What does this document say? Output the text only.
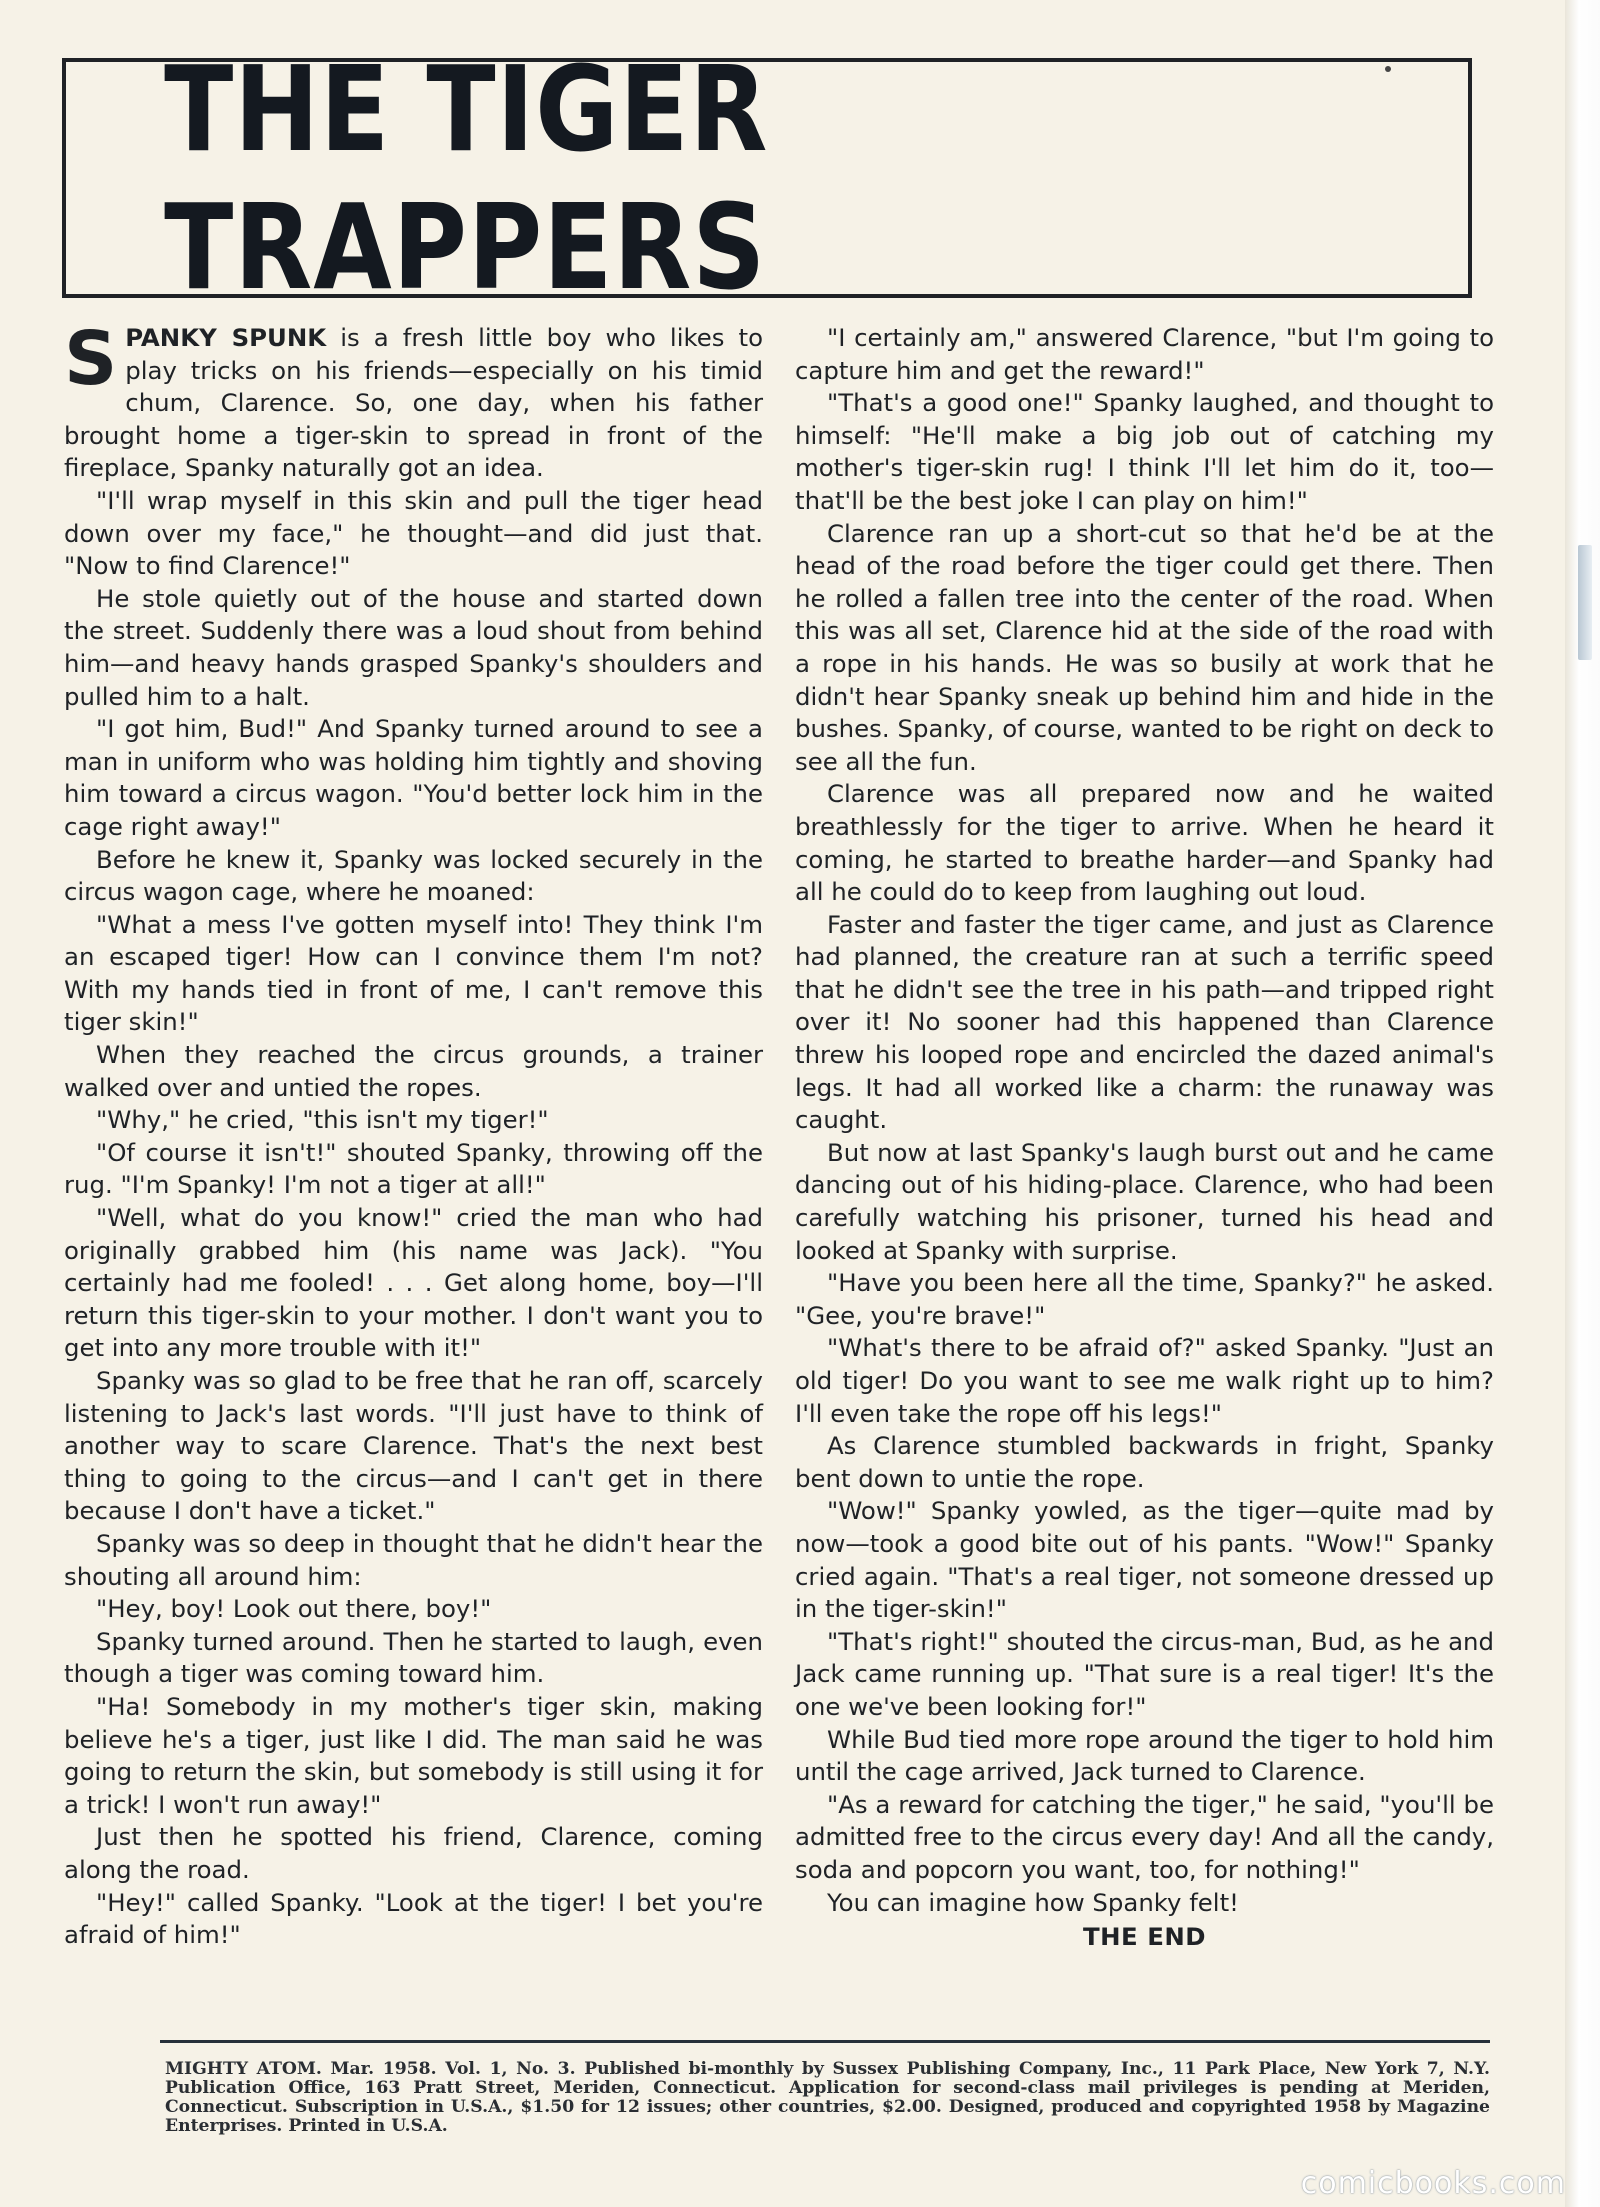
THE TIGER TRAPPERS

SPANKY SPUNK is a fresh little boy who likes to play tricks on his friends—especially on his timid chum, Clarence. So, one day, when his father brought home a tiger-skin to spread in front of the fireplace, Spanky naturally got an idea.

"I'll wrap myself in this skin and pull the tiger head down over my face," he thought—and did just that. "Now to find Clarence!"

He stole quietly out of the house and started down the street. Suddenly there was a loud shout from behind him—and heavy hands grasped Spanky's shoulders and pulled him to a halt.

"I got him, Bud!" And Spanky turned around to see a man in uniform who was holding him tightly and shoving him toward a circus wagon. "You'd better lock him in the cage right away!"

Before he knew it, Spanky was locked securely in the circus wagon cage, where he moaned:

"What a mess I've gotten myself into! They think I'm an escaped tiger! How can I convince them I'm not? With my hands tied in front of me, I can't remove this tiger skin!"

When they reached the circus grounds, a trainer walked over and untied the ropes.

"Why," he cried, "this isn't my tiger!"

"Of course it isn't!" shouted Spanky, throwing off the rug. "I'm Spanky! I'm not a tiger at all!"

"Well, what do you know!" cried the man who had originally grabbed him (his name was Jack). "You certainly had me fooled! . . . Get along home, boy—I'll return this tiger-skin to your mother. I don't want you to get into any more trouble with it!"

Spanky was so glad to be free that he ran off, scarcely listening to Jack's last words. "I'll just have to think of another way to scare Clarence. That's the next best thing to going to the circus—and I can't get in there because I don't have a ticket."

Spanky was so deep in thought that he didn't hear the shouting all around him:

"Hey, boy! Look out there, boy!"

Spanky turned around. Then he started to laugh, even though a tiger was coming toward him.

"Ha! Somebody in my mother's tiger skin, making believe he's a tiger, just like I did. The man said he was going to return the skin, but somebody is still using it for a trick! I won't run away!"

Just then he spotted his friend, Clarence, coming along the road.

"Hey!" called Spanky. "Look at the tiger! I bet you're afraid of him!"

"I certainly am," answered Clarence, "but I'm going to capture him and get the reward!"

"That's a good one!" Spanky laughed, and thought to himself: "He'll make a big job out of catching my mother's tiger-skin rug! I think I'll let him do it, too—that'll be the best joke I can play on him!"

Clarence ran up a short-cut so that he'd be at the head of the road before the tiger could get there. Then he rolled a fallen tree into the center of the road. When this was all set, Clarence hid at the side of the road with a rope in his hands. He was so busily at work that he didn't hear Spanky sneak up behind him and hide in the bushes. Spanky, of course, wanted to be right on deck to see all the fun.

Clarence was all prepared now and he waited breathlessly for the tiger to arrive. When he heard it coming, he started to breathe harder—and Spanky had all he could do to keep from laughing out loud.

Faster and faster the tiger came, and just as Clarence had planned, the creature ran at such a terrific speed that he didn't see the tree in his path—and tripped right over it! No sooner had this happened than Clarence threw his looped rope and encircled the dazed animal's legs. It had all worked like a charm: the runaway was caught.

But now at last Spanky's laugh burst out and he came dancing out of his hiding-place. Clarence, who had been carefully watching his prisoner, turned his head and looked at Spanky with surprise.

"Have you been here all the time, Spanky?" he asked. "Gee, you're brave!"

"What's there to be afraid of?" asked Spanky. "Just an old tiger! Do you want to see me walk right up to him? I'll even take the rope off his legs!"

As Clarence stumbled backwards in fright, Spanky bent down to untie the rope.

"Wow!" Spanky yowled, as the tiger—quite mad by now—took a good bite out of his pants. "Wow!" Spanky cried again. "That's a real tiger, not someone dressed up in the tiger-skin!"

"That's right!" shouted the circus-man, Bud, as he and Jack came running up. "That sure is a real tiger! It's the one we've been looking for!"

While Bud tied more rope around the tiger to hold him until the cage arrived, Jack turned to Clarence.

"As a reward for catching the tiger," he said, "you'll be admitted free to the circus every day! And all the candy, soda and popcorn you want, too, for nothing!"

You can imagine how Spanky felt!

THE END

MIGHTY ATOM. Mar. 1958. Vol. 1, No. 3. Published bi-monthly by Sussex Publishing Company, Inc., 11 Park Place, New York 7, N.Y. Publication Office, 163 Pratt Street, Meriden, Connecticut. Application for second-class mail privileges is pending at Meriden, Connecticut. Subscription in U.S.A., $1.50 for 12 issues; other countries, $2.00. Designed, produced and copyrighted 1958 by Magazine Enterprises. Printed in U.S.A.
comicbooks.com
